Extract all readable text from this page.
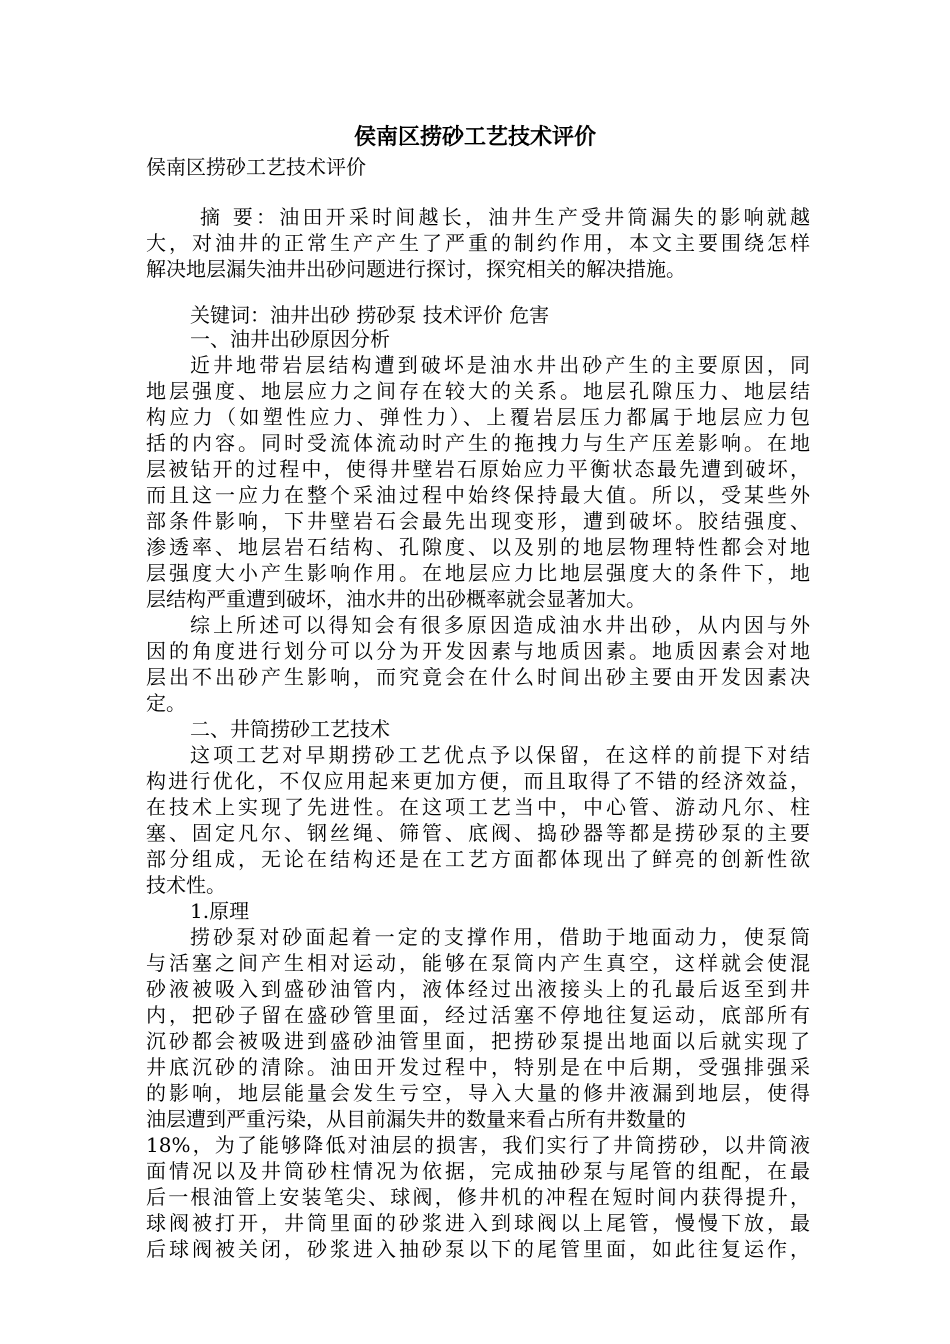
侯南区捞砂工艺技术评价
侯南区捞砂工艺技术评价
摘 要：油田开采时间越长，油井生产受井筒漏失的影响就越
大，对油井的正常生产产生了严重的制约作用，本文主要围绕怎样
解决地层漏失油井出砂问题进行探讨，探究相关的解决措施。
关键词：油井出砂 捞砂泵 技术评价 危害
一、油井出砂原因分析
近井地带岩层结构遭到破坏是油水井出砂产生的主要原因，同
地层强度、地层应力之间存在较大的关系。地层孔隙压力、地层结
构应力（如塑性应力、弹性力）、上覆岩层压力都属于地层应力包
括的内容。同时受流体流动时产生的拖拽力与生产压差影响。在地
层被钻开的过程中，使得井壁岩石原始应力平衡状态最先遭到破坏，
而且这一应力在整个采油过程中始终保持最大值。所以，受某些外
部条件影响，下井壁岩石会最先出现变形，遭到破坏。胶结强度、
渗透率、地层岩石结构、孔隙度、以及别的地层物理特性都会对地
层强度大小产生影响作用。在地层应力比地层强度大的条件下，地
层结构严重遭到破坏，油水井的出砂概率就会显著加大。
综上所述可以得知会有很多原因造成油水井出砂，从内因与外
因的角度进行划分可以分为开发因素与地质因素。地质因素会对地
层出不出砂产生影响，而究竟会在什么时间出砂主要由开发因素决
定。
二、井筒捞砂工艺技术
这项工艺对早期捞砂工艺优点予以保留，在这样的前提下对结
构进行优化，不仅应用起来更加方便，而且取得了不错的经济效益，
在技术上实现了先进性。在这项工艺当中，中心管、游动凡尔、柱
塞、固定凡尔、钢丝绳、筛管、底阀、捣砂器等都是捞砂泵的主要
部分组成，无论在结构还是在工艺方面都体现出了鲜亮的创新性欲
技术性。
1.原理
捞砂泵对砂面起着一定的支撑作用，借助于地面动力，使泵筒
与活塞之间产生相对运动，能够在泵筒内产生真空，这样就会使混
砂液被吸入到盛砂油管内，液体经过出液接头上的孔最后返至到井
内，把砂子留在盛砂管里面，经过活塞不停地往复运动，底部所有
沉砂都会被吸进到盛砂油管里面，把捞砂泵提出地面以后就实现了
井底沉砂的清除。油田开发过程中，特别是在中后期，受强排强采
的影响，地层能量会发生亏空，导入大量的修井液漏到地层，使得
油层遭到严重污染，从目前漏失井的数量来看占所有井数量的
18%，为了能够降低对油层的损害，我们实行了井筒捞砂，以井筒液
面情况以及井筒砂柱情况为依据，完成抽砂泵与尾管的组配，在最
后一根油管上安装笔尖、球阀，修井机的冲程在短时间内获得提升，
球阀被打开，井筒里面的砂浆进入到球阀以上尾管，慢慢下放，最
后球阀被关闭，砂浆进入抽砂泵以下的尾管里面，如此往复运作，
